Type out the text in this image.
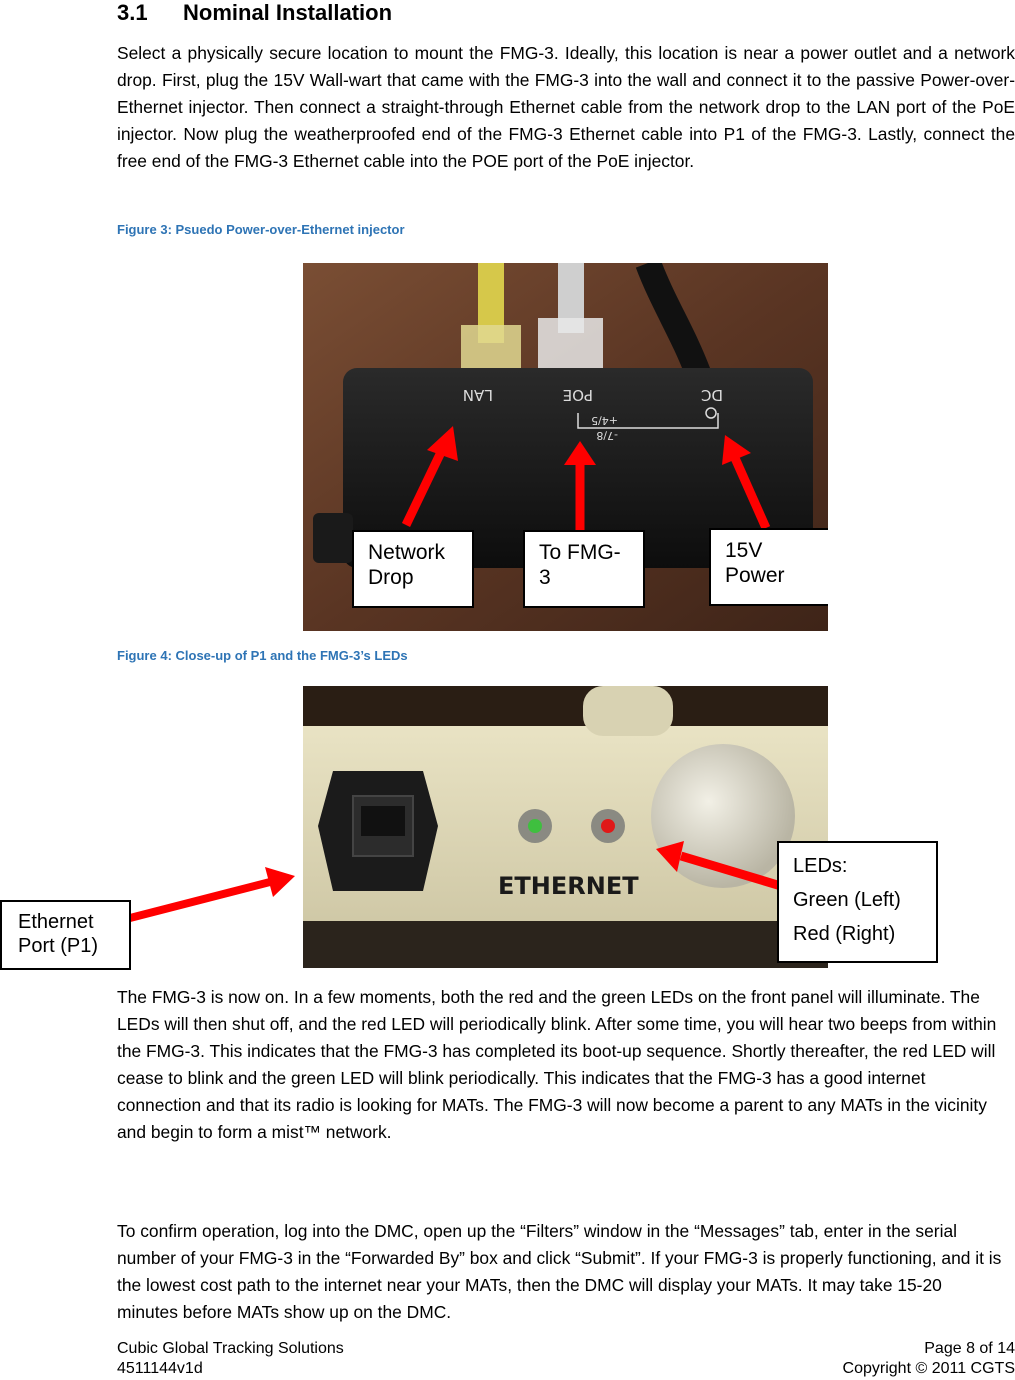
3.1 Nominal Installation

Select a physically secure location to mount the FMG-3. Ideally, this location is near a power outlet and a network drop. First, plug the 15V Wall-wart that came with the FMG-3 into the wall and connect it to the passive Power-over-Ethernet injector. Then connect a straight-through Ethernet cable from the network drop to the LAN port of the PoE injector. Now plug the weatherproofed end of the FMG-3 Ethernet cable into P1 of the FMG-3. Lastly, connect the free end of the FMG-3 Ethernet cable into the POE port of the PoE injector.

Figure 3: Psuedo Power-over-Ethernet injector

LAN	POE	DC
+4/5
-7/8
Network Drop
To FMG-3
15V Power

Figure 4: Close-up of P1 and the FMG-3’s LEDs

ETHERNET
Ethernet Port (P1)
LEDs:
Green (Left)
Red (Right)

The FMG-3 is now on. In a few moments, both the red and the green LEDs on the front panel will illuminate. The LEDs will then shut off, and the red LED will periodically blink. After some time, you will hear two beeps from within the FMG-3. This indicates that the FMG-3 has completed its boot-up sequence. Shortly thereafter, the red LED will cease to blink and the green LED will blink periodically. This indicates that the FMG-3 has a good internet connection and that its radio is looking for MATs. The FMG-3 will now become a parent to any MATs in the vicinity and begin to form a mist™ network.

To confirm operation, log into the DMC, open up the “Filters” window in the “Messages” tab, enter in the serial number of your FMG-3 in the “Forwarded By” box and click “Submit”. If your FMG-3 is properly functioning, and it is the lowest cost path to the internet near your MATs, then the DMC will display your MATs. It may take 15-20 minutes before MATs show up on the DMC.

Cubic Global Tracking Solutions
4511144v1d
Page 8 of 14
Copyright © 2011 CGTS
